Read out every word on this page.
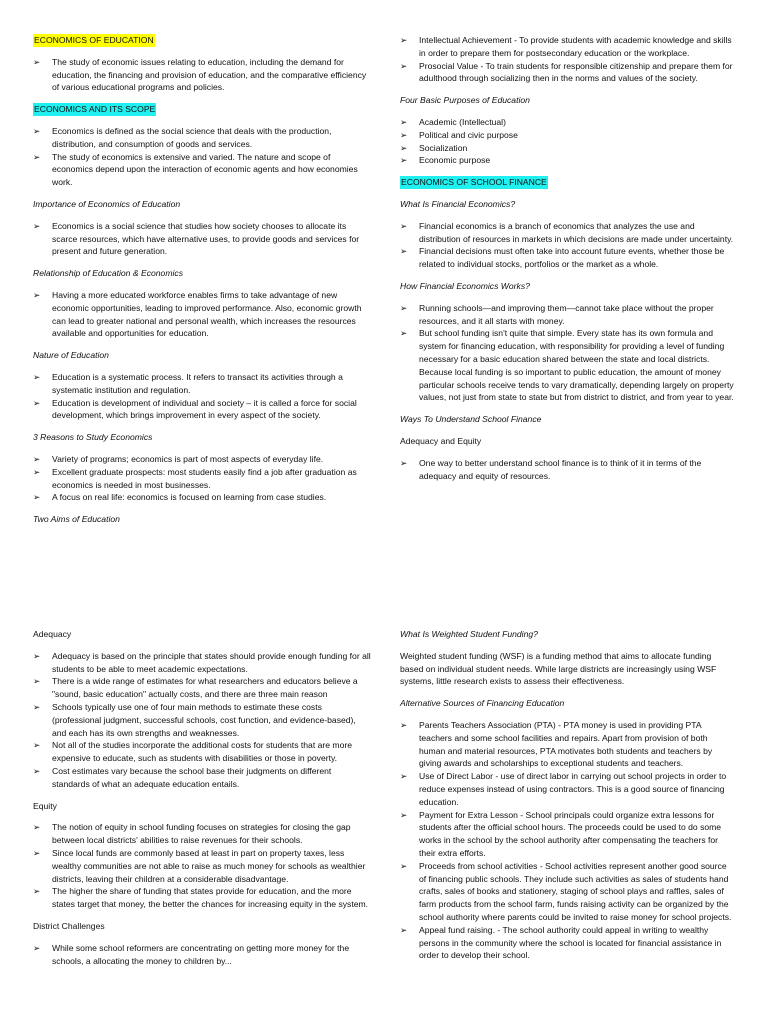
ECONOMICS OF EDUCATION
➢ The study of economic issues relating to education, including the demand for education, the financing and provision of education, and the comparative efficiency of various educational programs and policies.
ECONOMICS AND ITS SCOPE
➢ Economics is defined as the social science that deals with the production, distribution, and consumption of goods and services.
➢ The study of economics is extensive and varied. The nature and scope of economics depend upon the interaction of economic agents and how economies work.

Importance of Economics of Education

➢ Economics is a social science that studies how society chooses to allocate its scarce resources, which have alternative uses, to provide goods and services for present and future generation.

Relationship of Education & Economics

➢ Having a more educated workforce enables firms to take advantage of new economic opportunities, leading to improved performance. Also, economic growth can lead to greater national and personal wealth, which increases the resources available and opportunities for education.

Nature of Education

➢ Education is a systematic process. It refers to transact its activities through a systematic institution and regulation.
➢ Education is development of individual and society – it is called a force for social development, which brings improvement in every aspect of the society.

3 Reasons to Study Economics

➢ Variety of programs; economics is part of most aspects of everyday life.
➢ Excellent graduate prospects: most students easily find a job after graduation as economics is needed in most businesses.
➢ A focus on real life: economics is focused on learning from case studies.

Two Aims of Education

➢ Intellectual Achievement - To provide students with academic knowledge and skills in order to prepare them for postsecondary education or the workplace.
➢ Prosocial Value - To train students for responsible citizenship and prepare them for adulthood through socializing then in the norms and values of the society.

Four Basic Purposes of Education

➢ Academic (Intellectual)
➢ Political and civic purpose
➢ Socialization
➢ Economic purpose
ECONOMICS OF SCHOOL FINANCE

What Is Financial Economics?

➢ Financial economics is a branch of economics that analyzes the use and distribution of resources in markets in which decisions are made under uncertainty.
➢ Financial decisions must often take into account future events, whether those be related to individual stocks, portfolios or the market as a whole.

How Financial Economics Works?

➢ Running schools—and improving them—cannot take place without the proper resources, and it all starts with money.
➢ But school funding isn't quite that simple. Every state has its own formula and system for financing education, with responsibility for providing a level of funding necessary for a basic education shared between the state and local districts. Because local funding is so important to public education, the amount of money particular schools receive tends to vary dramatically, depending largely on property values, not just from state to state but from district to district, and from year to year.

Ways To Understand School Finance

Adequacy and Equity

➢ One way to better understand school finance is to think of it in terms of the adequacy and equity of resources.

Adequacy

➢ Adequacy is based on the principle that states should provide enough funding for all students to be able to meet academic expectations.
➢ There is a wide range of estimates for what researchers and educators believe a "sound, basic education" actually costs, and there are three main reason
➢ Schools typically use one of four main methods to estimate these costs (professional judgment, successful schools, cost function, and evidence-based), and each has its own strengths and weaknesses.
➢ Not all of the studies incorporate the additional costs for students that are more expensive to educate, such as students with disabilities or those in poverty.
➢ Cost estimates vary because the school base their judgments on different standards of what an adequate education entails.

Equity

➢ The notion of equity in school funding focuses on strategies for closing the gap between local districts' abilities to raise revenues for their schools.
➢ Since local funds are commonly based at least in part on property taxes, less wealthy communities are not able to raise as much money for schools as wealthier districts, leaving their children at a considerable disadvantage.
➢ The higher the share of funding that states provide for education, and the more states target that money, the better the chances for increasing equity in the system.

District Challenges

➢ While some school reformers are concentrating on getting more money for the schools, a allocating the money to children by...

What Is Weighted Student Funding?

Weighted student funding (WSF) is a funding method that aims to allocate funding based on individual student needs. While large districts are increasingly using WSF systems, little research exists to assess their effectiveness.

Alternative Sources of Financing Education

➢ Parents Teachers Association (PTA) - PTA money is used in providing PTA teachers and some school facilities and repairs. Apart from provision of both human and material resources, PTA motivates both students and teachers by giving awards and scholarships to exceptional students and teachers.
➢ Use of Direct Labor - use of direct labor in carrying out school projects in order to reduce expenses instead of using contractors. This is a good source of financing education.
➢ Payment for Extra Lesson - School principals could organize extra lessons for students after the official school hours. The proceeds could be used to do some works in the school by the school authority after compensating the teachers for their extra efforts.
➢ Proceeds from school activities - School activities represent another good source of financing public schools. They include such activities as sales of students hand crafts, sales of books and stationery, staging of school plays and raffles, sales of farm products from the school farm, funds raising activity can be organized by the school authority where parents could be invited to raise money for school projects.
➢ Appeal fund raising. - The school authority could appeal in writing to wealthy persons in the community where the school is located for financial assistance in order to develop their school.
